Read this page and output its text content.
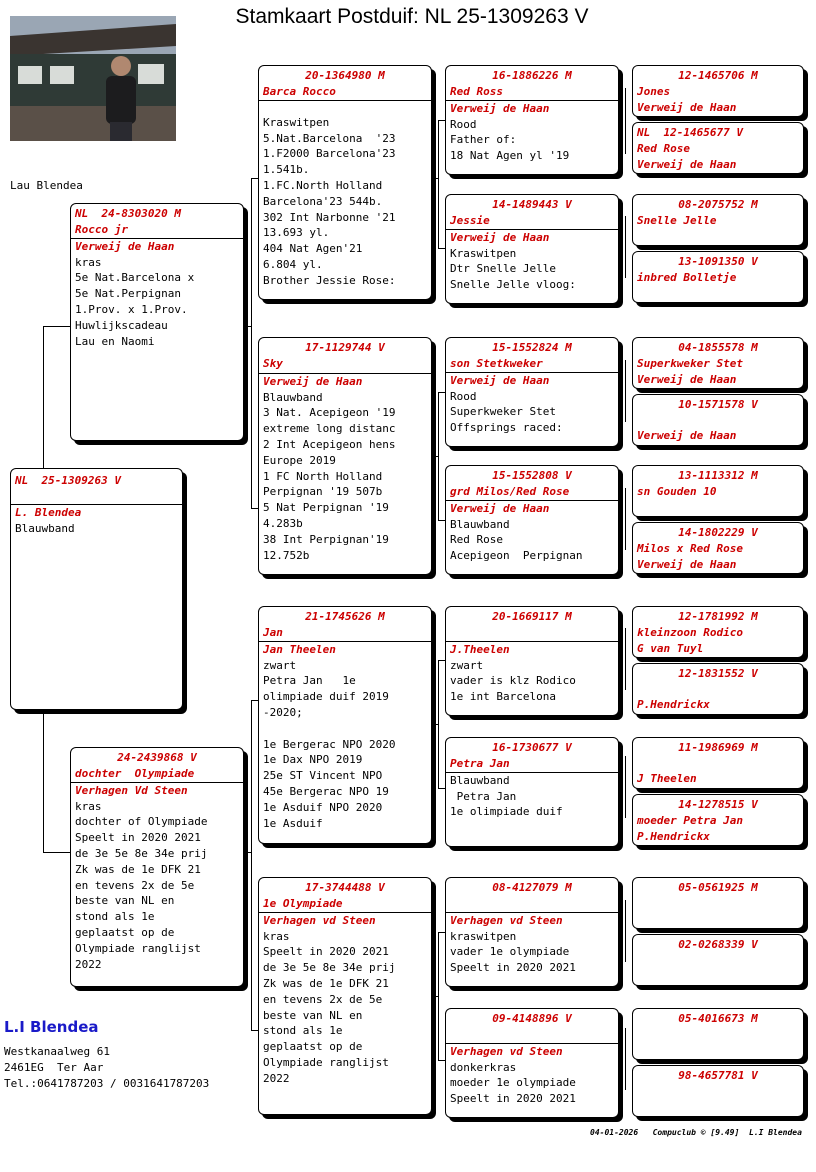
Stamkaart Postduif: NL 25-1309263 V
Lau Blendea
NL  25-1309263 V
L. Blendea
Blauwband
NL  24-8303020 M
Rocco jr
Verweij de Haan
kras
5e Nat.Barcelona x
5e Nat.Perpignan
1.Prov. x 1.Prov.
Huwlijkscadeau
Lau en Naomi
24-2439868 V
dochter  Olympiade
Verhagen Vd Steen
kras
dochter of Olympiade
Speelt in 2020 2021
de 3e 5e 8e 34e prij
Zk was de 1e DFK 21
en tevens 2x de 5e
beste van NL en
stond als 1e
geplaatst op de
Olympiade ranglijst
2022
20-1364980 M
Barca Rocco
Kraswitpen
5.Nat.Barcelona  '23
1.F2000 Barcelona'23
1.541b.
1.FC.North Holland
Barcelona'23 544b.
302 Int Narbonne '21
13.693 yl.
404 Nat Agen'21
6.804 yl.
Brother Jessie Rose:
17-1129744 V
Sky
Verweij de Haan
Blauwband
3 Nat. Acepigeon '19
extreme long distanc
2 Int Acepigeon hens
Europe 2019
1 FC North Holland
Perpignan '19 507b
5 Nat Perpignan '19
4.283b
38 Int Perpignan'19
12.752b
21-1745626 M
Jan
Jan Theelen
zwart
Petra Jan   1e
olimpiade duif 2019
-2020;

1e Bergerac NPO 2020
1e Dax NPO 2019
25e ST Vincent NPO
45e Bergerac NPO 19
1e Asduif NPO 2020
1e Asduif
17-3744488 V
1e Olympiade
Verhagen vd Steen
kras
Speelt in 2020 2021
de 3e 5e 8e 34e prij
Zk was de 1e DFK 21
en tevens 2x de 5e
beste van NL en
stond als 1e
geplaatst op de
Olympiade ranglijst
2022
16-1886226 M
Red Ross
Verweij de Haan
Rood
Father of:
18 Nat Agen yl '19
14-1489443 V
Jessie
Verweij de Haan
Kraswitpen
Dtr Snelle Jelle
Snelle Jelle vloog:
15-1552824 M
son Stetkweker
Verweij de Haan
Rood
Superkweker Stet
Offsprings raced:
15-1552808 V
grd Milos/Red Rose
Verweij de Haan
Blauwband
Red Rose
Acepigeon  Perpignan
20-1669117 M
J.Theelen
zwart
vader is klz Rodico
1e int Barcelona
16-1730677 V
Petra Jan
Blauwband
Petra Jan
1e olimpiade duif
08-4127079 M
Verhagen vd Steen
kraswitpen
vader 1e olympiade
Speelt in 2020 2021
09-4148896 V
Verhagen vd Steen
donkerkras
moeder 1e olympiade
Speelt in 2020 2021
12-1465706 M
Jones
Verweij de Haan
NL  12-1465677 V
Red Rose
Verweij de Haan
08-2075752 M
Snelle Jelle
13-1091350 V
inbred Bolletje
04-1855578 M
Superkweker Stet
Verweij de Haan
10-1571578 V
Verweij de Haan
13-1113312 M
sn Gouden 10
14-1802229 V
Milos x Red Rose
Verweij de Haan
12-1781992 M
kleinzoon Rodico
G van Tuyl
12-1831552 V
P.Hendrickx
11-1986969 M
J Theelen
14-1278515 V
moeder Petra Jan
P.Hendrickx
05-0561925 M
02-0268339 V
05-4016673 M
98-4657781 V
L.I Blendea
Westkanaalweg 61
2461EG  Ter Aar
Tel.:0641787203 / 0031641787203
04-01-2026   Compuclub © [9.49]  L.I Blendea
